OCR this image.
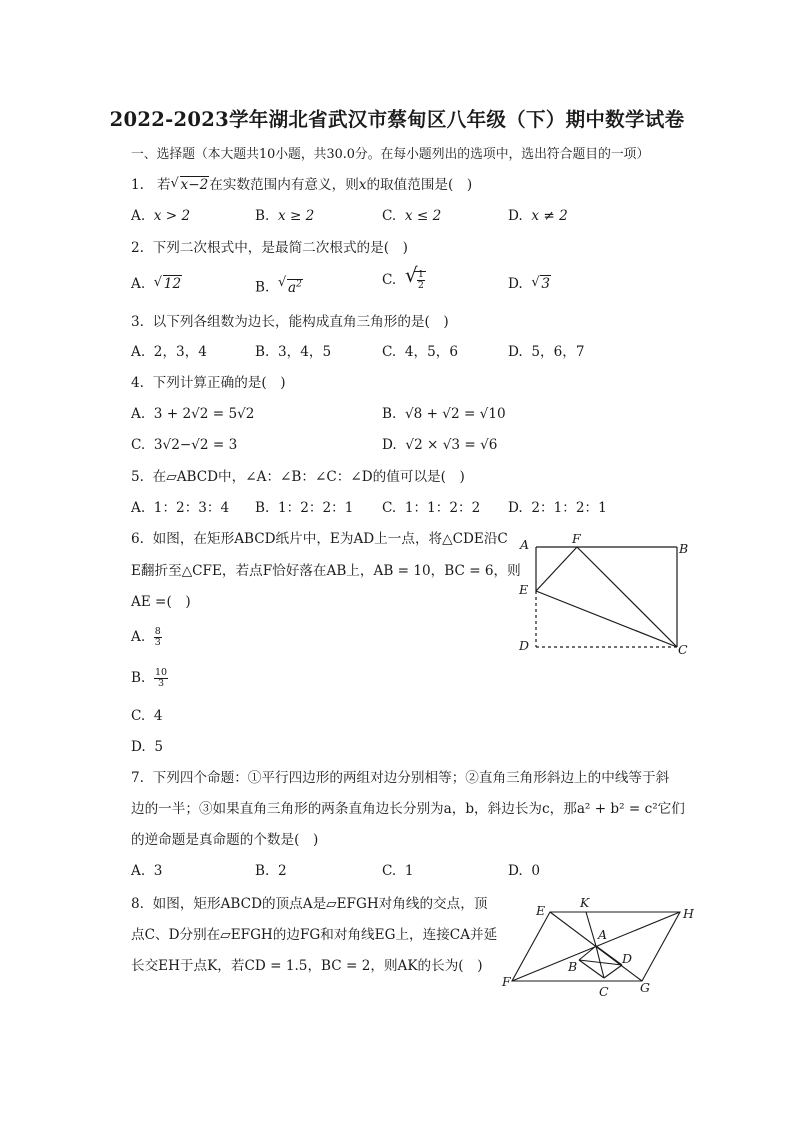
2022-2023学年湖北省武汉市蔡甸区八年级（下）期中数学试卷
一、选择题（本大题共10小题，共30.0分。在每小题列出的选项中，选出符合题目的一项）
1. 若 √ x−2在实数范围内有意义，则x的取值范围是(　)
A. x > 2	B. x ≥ 2	C. x ≤ 2	D. x ≠ 2
2. 下列二次根式中，是最简二次根式的是(　)
A. √ 12	B. √ $a^2$	C. √ $\frac{1}{2}$	D. √ 3
3. 以下列各组数为边长，能构成直角三角形的是(　)
A. 2，3，4	B. 3，4，5	C. 4，5，6	D. 5，6，7
4. 下列计算正确的是(　)
A. 3 + 2√2 = 5√2	B. √8 + √2 = √10
C. 3√2−√2 = 3	D. √2 × √3 = √6
5. 在▱ABCD中，∠A：∠B：∠C：∠D的值可以是(　)
A. 1：2：3：4 B. 1：2：2：1 C. 1：1：2：2 D. 2：1：2：1
6. 如图，在矩形ABCD纸片中，E为AD上一点，将△CDE沿C
E翻折至△CFE，若点F恰好落在AB上，AB = 10，BC = 6，则
AE =(　)
A. $\frac{8}{3}$
B. $\frac{10}{3}$
C. 4
D. 5
A	F
B
E
D	C
7. 下列四个命题：①平行四边形的两组对边分别相等；②直角三角形斜边上的中线等于斜
边的一半；③如果直角三角形的两条直角边长分别为a，b，斜边长为c，那a² + b² = c²它们
的逆命题是真命题的个数是(　)
A. 3	B. 2	C. 1	D. 0
8. 如图，矩形ABCD的顶点A是▱EFGH对角线的交点，顶
点C、D分别在▱EFGH的边FG和对角线EG上，连接CA并延
长交EH于点K，若CD = 1.5，BC = 2，则AK的长为(　)
E
K
H
A
D
B
F	G
C
